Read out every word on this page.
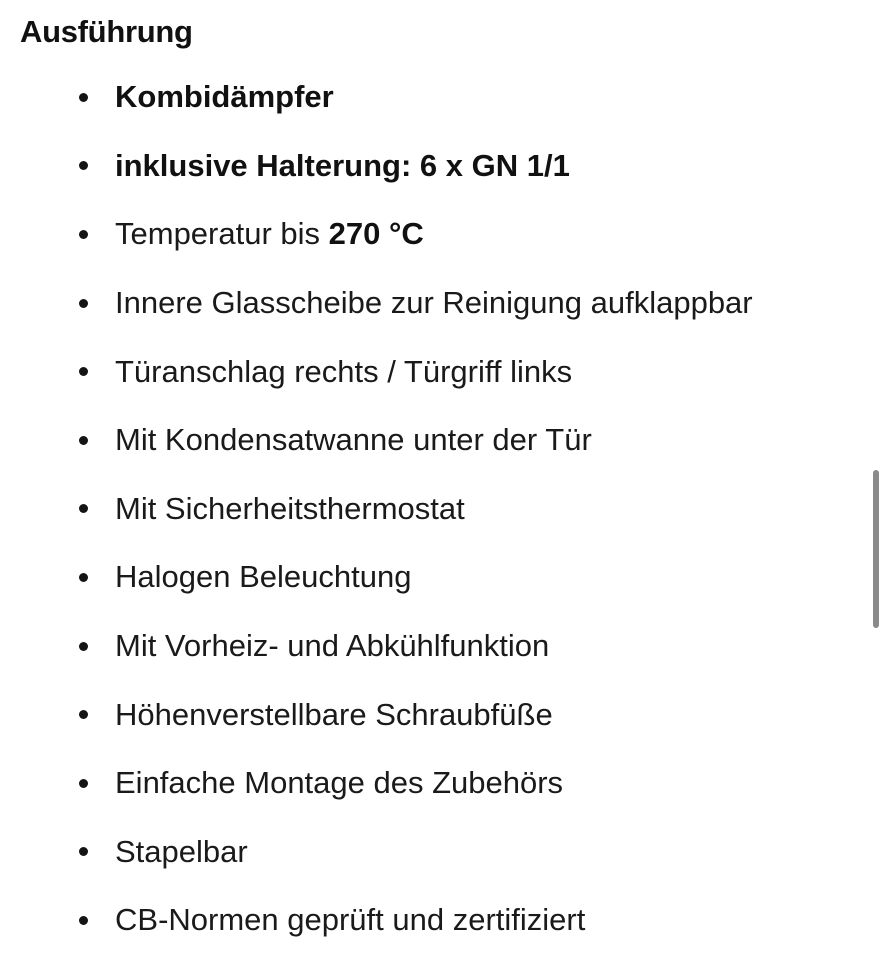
Ausführung
Kombidämpfer
inklusive Halterung: 6 x GN 1/1
Temperatur bis 270 °C
Innere Glasscheibe zur Reinigung aufklappbar
Türanschlag rechts / Türgriff links
Mit Kondensatwanne unter der Tür
Mit Sicherheitsthermostat
Halogen Beleuchtung
Mit Vorheiz- und Abkühlfunktion
Höhenverstellbare Schraubfüße
Einfache Montage des Zubehörs
Stapelbar
CB-Normen geprüft und zertifiziert
